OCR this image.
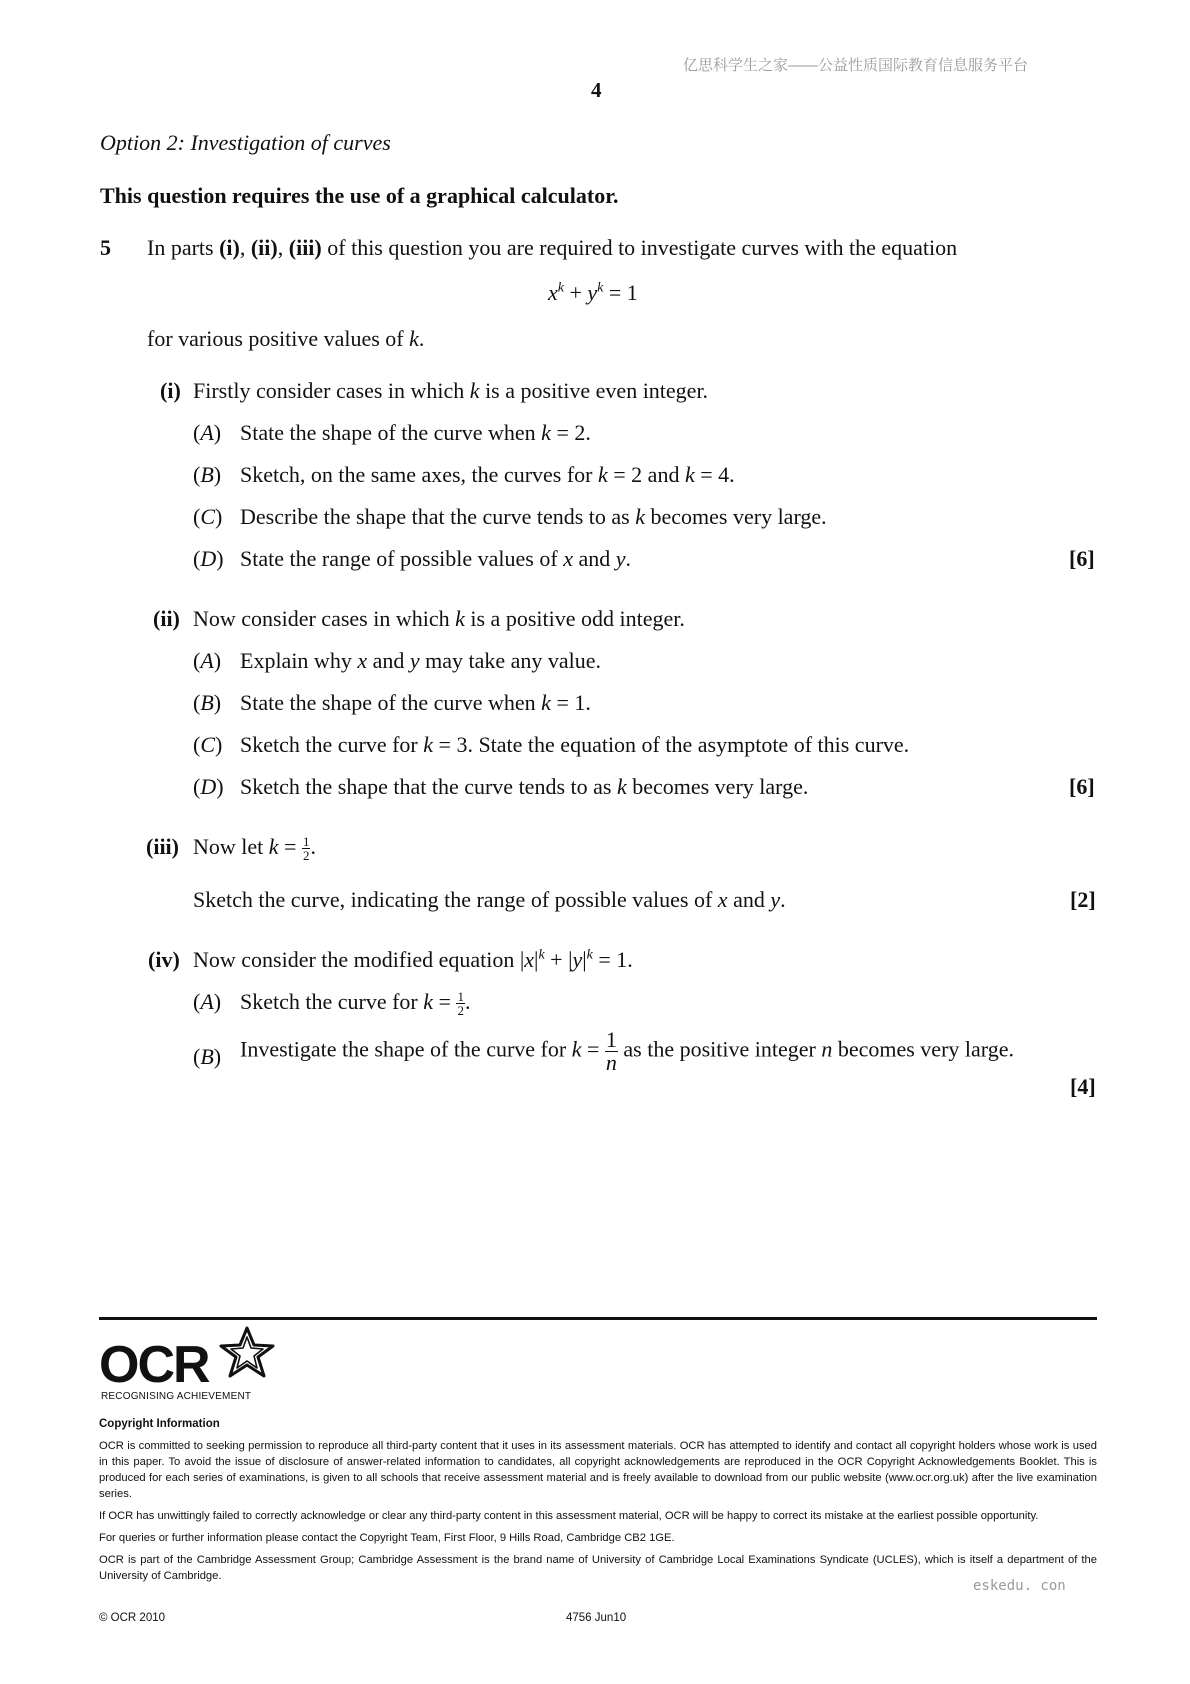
亿思科学生之家——公益性质国际教育信息服务平台
4
Option 2: Investigation of curves
This question requires the use of a graphical calculator.
5 In parts (i), (ii), (iii) of this question you are required to investigate curves with the equation
$x^k + y^k = 1$
for various positive values of k.
(i) Firstly consider cases in which k is a positive even integer.
(A) State the shape of the curve when k = 2.
(B) Sketch, on the same axes, the curves for k = 2 and k = 4.
(C) Describe the shape that the curve tends to as k becomes very large.
(D) State the range of possible values of x and y.	[6]
(ii) Now consider cases in which k is a positive odd integer.
(A) Explain why x and y may take any value.
(B) State the shape of the curve when k = 1.
(C) Sketch the curve for k = 3. State the equation of the asymptote of this curve.
(D) Sketch the shape that the curve tends to as k becomes very large.	[6]
(iii) Now let $k = \frac{1}{2}$ .
Sketch the curve, indicating the range of possible values of x and y.	[2]
(iv) Now consider the modified equation $|x|^k + |y|^k = 1$.
(A) Sketch the curve for $k = \frac{1}{2}$ .
(B) Investigate the shape of the curve for $k = \frac{1}{n}$ as the positive integer n becomes very large.
[4]
OCR
RECOGNISING ACHIEVEMENT
Copyright Information

OCR is committed to seeking permission to reproduce all third-party content that it uses in its assessment materials. OCR has attempted to identify and contact all copyright holders whose work is used in this paper. To avoid the issue of disclosure of answer-related information to candidates, all copyright acknowledgements are reproduced in the OCR Copyright Acknowledgements Booklet. This is produced for each series of examinations, is given to all schools that receive assessment material and is freely available to download from our public website (www.ocr.org.uk) after the live examination series.

If OCR has unwittingly failed to correctly acknowledge or clear any third-party content in this assessment material, OCR will be happy to correct its mistake at the earliest possible opportunity.

For queries or further information please contact the Copyright Team, First Floor, 9 Hills Road, Cambridge CB2 1GE.

OCR is part of the Cambridge Assessment Group; Cambridge Assessment is the brand name of University of Cambridge Local Examinations Syndicate (UCLES), which is itself a department of the University of Cambridge.

eskedu. con
© OCR 2010	4756 Jun10
